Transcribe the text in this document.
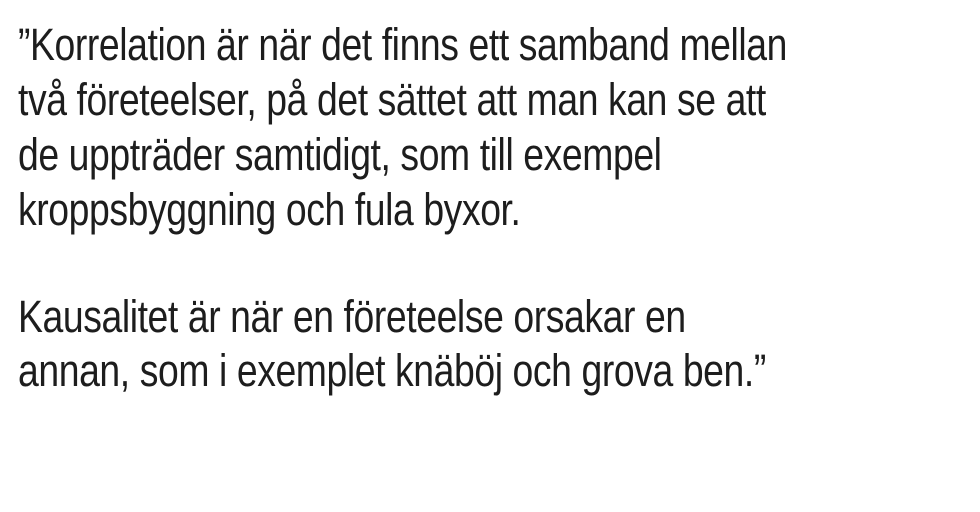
”Korrelation är när det finns ett samband mellan två företeelser, på det sättet att man kan se att de uppträder samtidigt, som till exempel kroppsbyggning och fula byxor.

Kausalitet är när en företeelse orsakar en annan, som i exemplet knäböj och grova ben.”
